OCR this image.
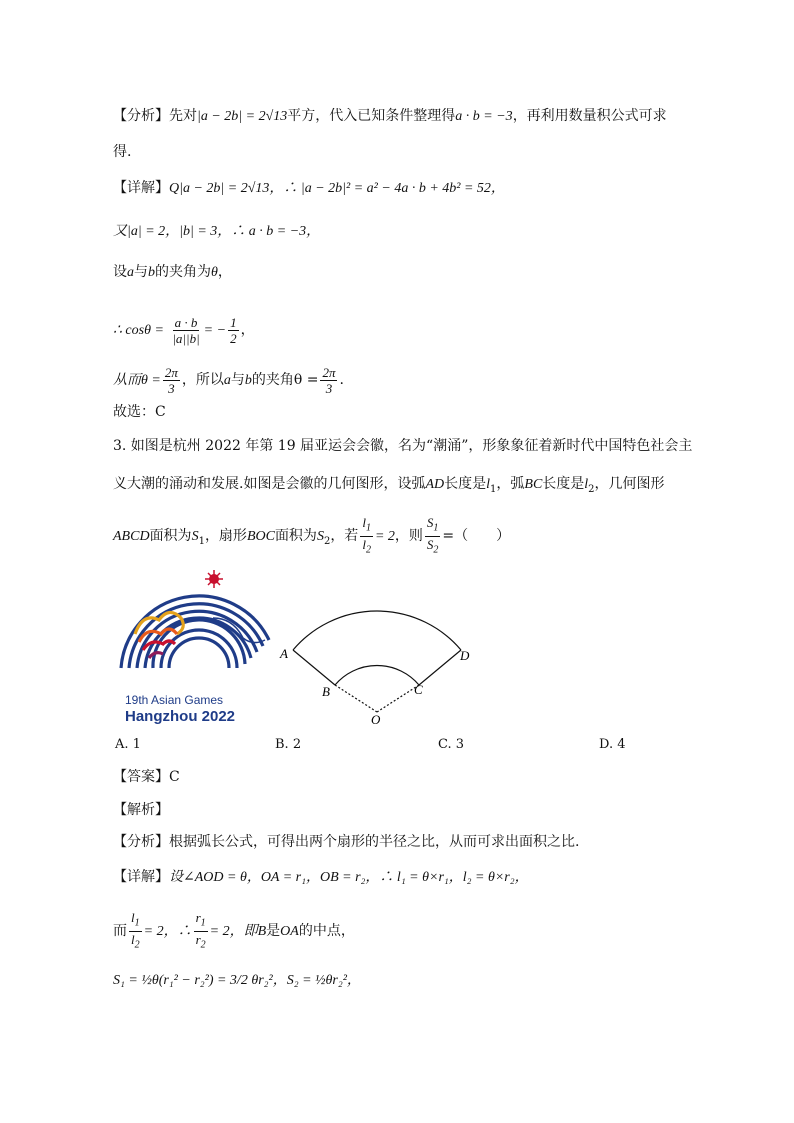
【分析】先对|a − 2b| = 2√13平方，代入已知条件整理得a · b = −3，再利用数量积公式可求
得.
【详解】Q|a − 2b| = 2√13，∴ |a − 2b|² = a² − 4a · b + 4b² = 52，
又|a| = 2，|b| = 3，∴ a · b = −3，
设a与b的夹角为θ，
∴ $\cos\theta = \frac{a \cdot b}{|a||b|}$ = − $\frac{1}{2}$ ，
从而$\theta = \frac{2\pi}{3}$ ，所以a与b的夹角$\theta = \frac{2\pi}{3}$ .
故选：C
3. 如图是杭州 2022 年第 19 届亚运会会徽，名为“潮涌”，形象象征着新时代中国特色社会主
义大潮的涌动和发展.如图是会徽的几何图形，设弧AD长度是$l_1$，弧BC长度是$l_2$，几何图形
ABCD面积为$S_1$，扇形BOC面积为$S_2$，若 $\frac{l_1}{l_2} = 2$，则 $\frac{S_1}{S_2}$ =（　　）
19th Asian Games
Hangzhou 2022
A	D
B	C
O
A. 1	B. 2	C. 3	D. 4
【答案】C
【解析】
【分析】根据弧长公式，可得出两个扇形的半径之比，从而可求出面积之比.
【详解】设∠AOD = θ，OA = r₁，OB = r₂，∴ l₁ = θ×r₁，l₂ = θ×r₂，
而 $\frac{l_1}{l_2} = 2$，∴ $\frac{r_1}{r_2} = 2$，即B是OA的中点，
S₁ = ½θ(r₁² − r₂²) = 3/2 θr₂²，S₂ = ½θr₂²，
